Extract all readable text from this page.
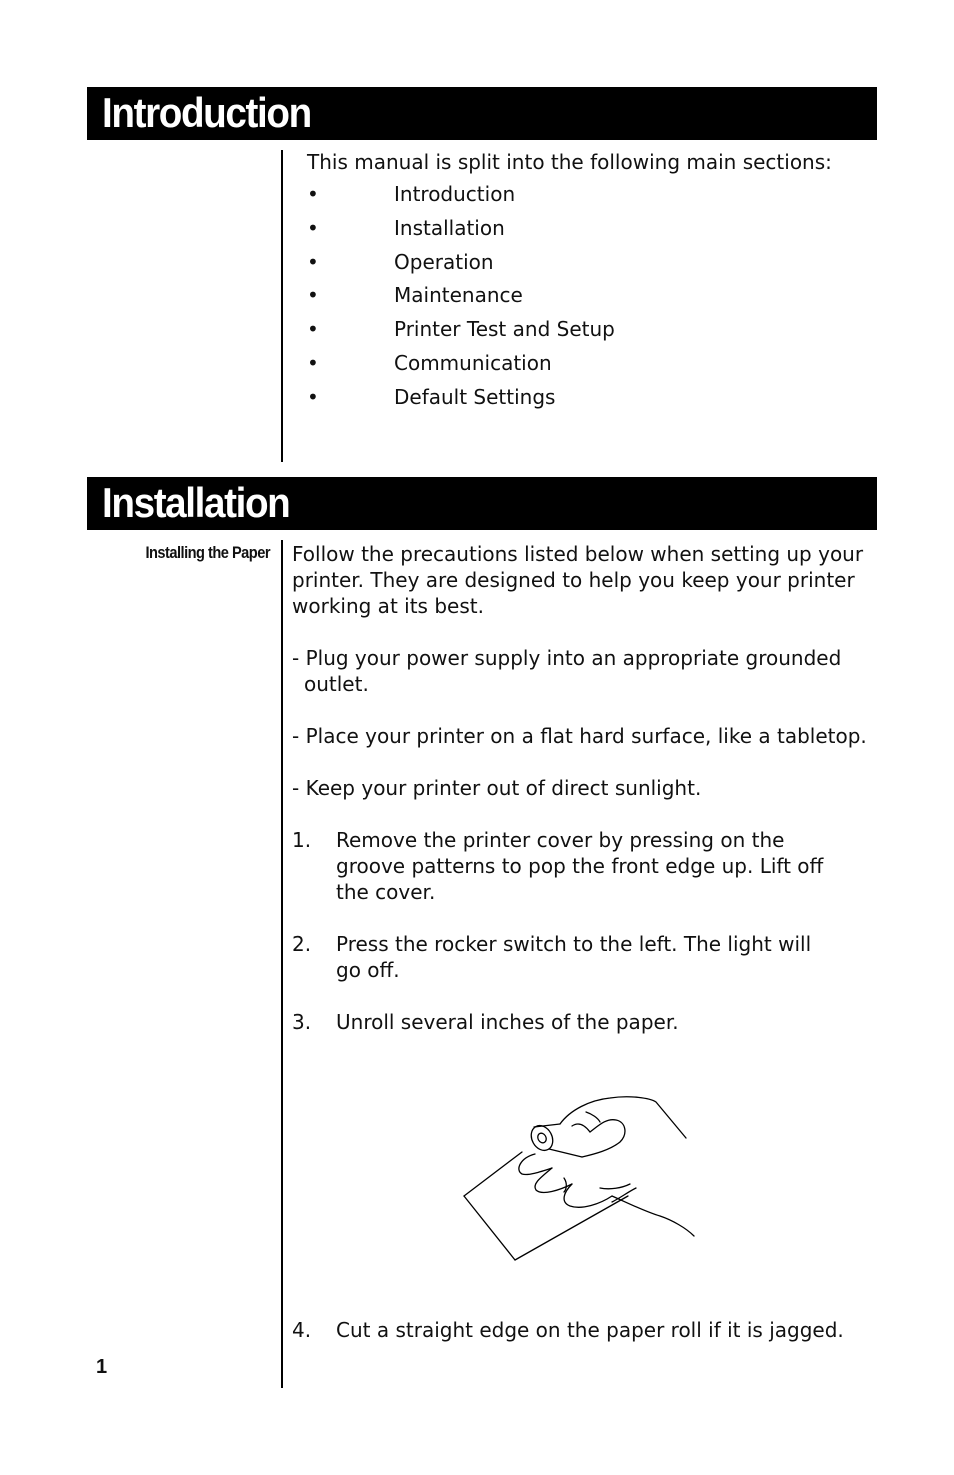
Introduction

This manual is split into the following main sections:

•	Introduction
•	Installation
•	Operation
•	Maintenance
•	Printer Test and Setup
•	Communication
•	Default Settings
Installation
Installing the Paper Follow the precautions listed below when setting up your

printer. They are designed to help you keep your printer

working at its best.

- Plug your power supply into an appropriate grounded

outlet.

- Place your printer on a flat hard surface, like a tabletop.

- Keep your printer out of direct sunlight.

1. Remove the printer cover by pressing on the
groove patterns to pop the front edge up. Lift off
the cover.
2. Press the rocker switch to the left. The light will
go off.
3. Unroll several inches of the paper.
4. Cut a straight edge on the paper roll if it is jagged.
1
